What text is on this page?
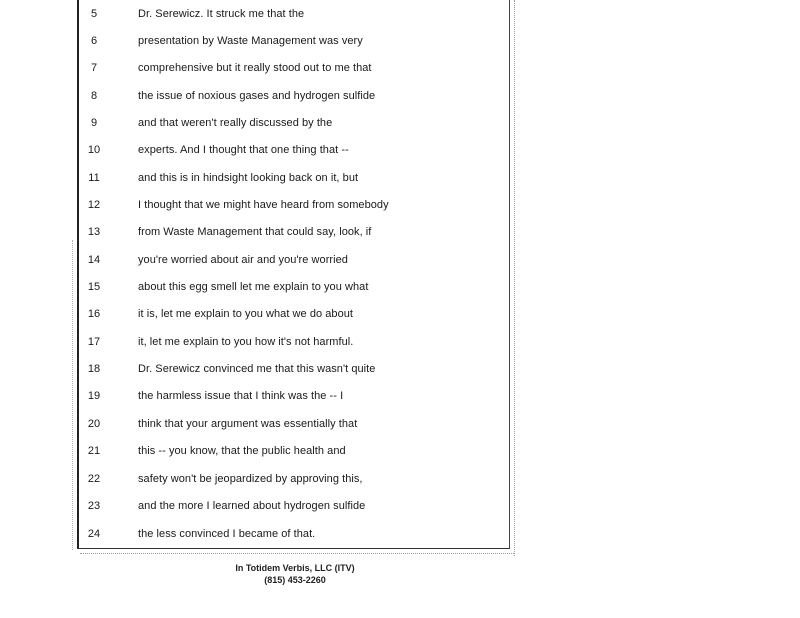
5	Dr. Serewicz. It struck me that the
6	presentation by Waste Management was very
7	comprehensive but it really stood out to me that
8	the issue of noxious gases and hydrogen sulfide
9	and that weren't really discussed by the
10	experts. And I thought that one thing that --
11	and this is in hindsight looking back on it, but
12	I thought that we might have heard from somebody
13	from Waste Management that could say, look, if
14	you're worried about air and you're worried
15	about this egg smell let me explain to you what
16	it is, let me explain to you what we do about
17	it, let me explain to you how it's not harmful.
18	Dr. Serewicz convinced me that this wasn't quite
19	the harmless issue that I think was the -- I
20	think that your argument was essentially that
21	this -- you know, that the public health and
22	safety won't be jeopardized by approving this,
23	and the more I learned about hydrogen sulfide
24	the less convinced I became of that.
In Totidem Verbis, LLC (ITV)
(815) 453-2260
